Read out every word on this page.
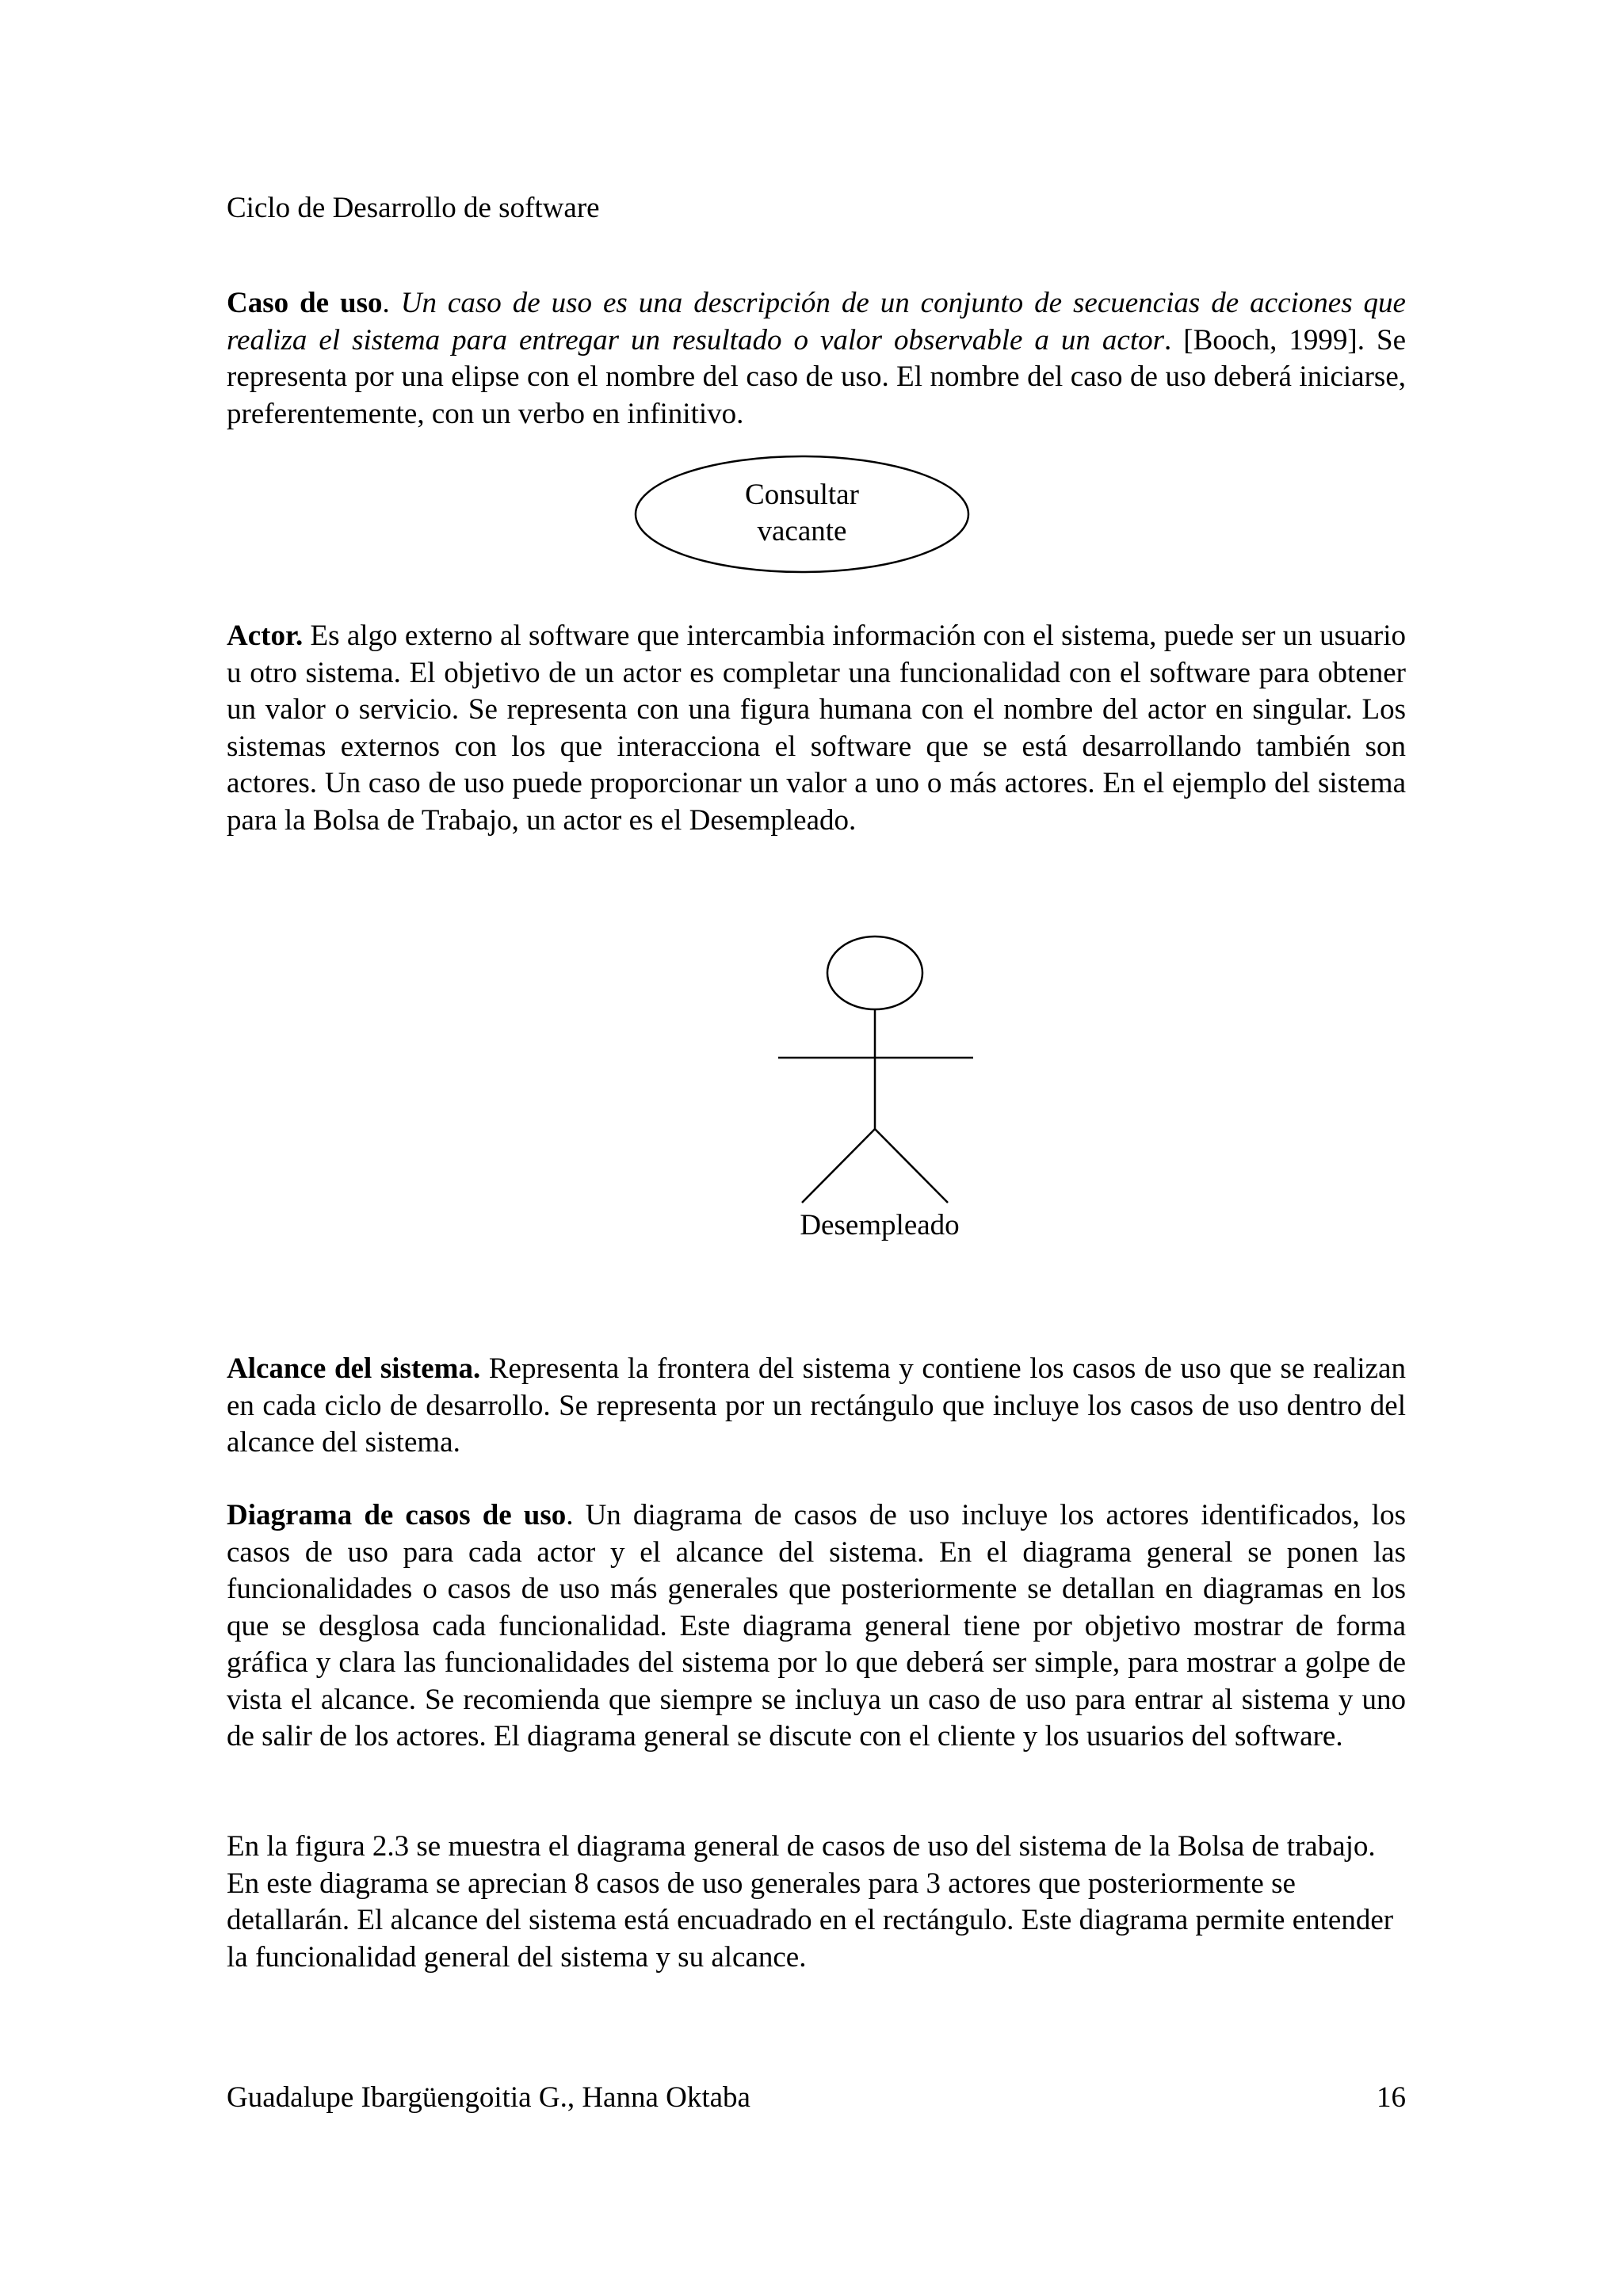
Ciclo de Desarrollo de software
Caso de uso. Un caso de uso es una descripción de un conjunto de secuencias de acciones que realiza el sistema para entregar un resultado o valor observable a un actor. [Booch, 1999]. Se representa por una elipse con el nombre del caso de uso. El nombre del caso de uso deberá iniciarse, preferentemente, con un verbo en infinitivo.
Consultar
vacante
Actor. Es algo externo al software que intercambia información con el sistema, puede ser un usuario u otro sistema. El objetivo de un actor es completar una funcionalidad con el software para obtener un valor o servicio. Se representa con una figura humana con el nombre del actor en singular. Los sistemas externos con los que interacciona el software que se está desarrollando también son actores. Un caso de uso puede proporcionar un valor a uno o más actores. En el ejemplo del sistema para la Bolsa de Trabajo, un actor es el Desempleado.
Desempleado
Alcance del sistema. Representa la frontera del sistema y contiene los casos de uso que se realizan en cada ciclo de desarrollo. Se representa por un rectángulo que incluye los casos de uso dentro del alcance del sistema.
Diagrama de casos de uso. Un diagrama de casos de uso incluye los actores identificados, los casos de uso para cada actor y el alcance del sistema. En el diagrama general se ponen las funcionalidades o casos de uso más generales que posteriormente se detallan en diagramas en los que se desglosa cada funcionalidad. Este diagrama general tiene por objetivo mostrar de forma gráfica y clara las funcionalidades del sistema por lo que deberá ser simple, para mostrar a golpe de vista el alcance. Se recomienda que siempre se incluya un caso de uso para entrar al sistema y uno de salir de los actores. El diagrama general se discute con el cliente y los usuarios del software.
En la figura 2.3 se muestra el diagrama general de casos de uso del sistema de la Bolsa de trabajo. En este diagrama se aprecian 8 casos de uso generales para 3 actores que posteriormente se detallarán. El alcance del sistema está encuadrado en el rectángulo. Este diagrama permite entender la funcionalidad general del sistema y su alcance.
Guadalupe Ibargüengoitia G., Hanna Oktaba	16
